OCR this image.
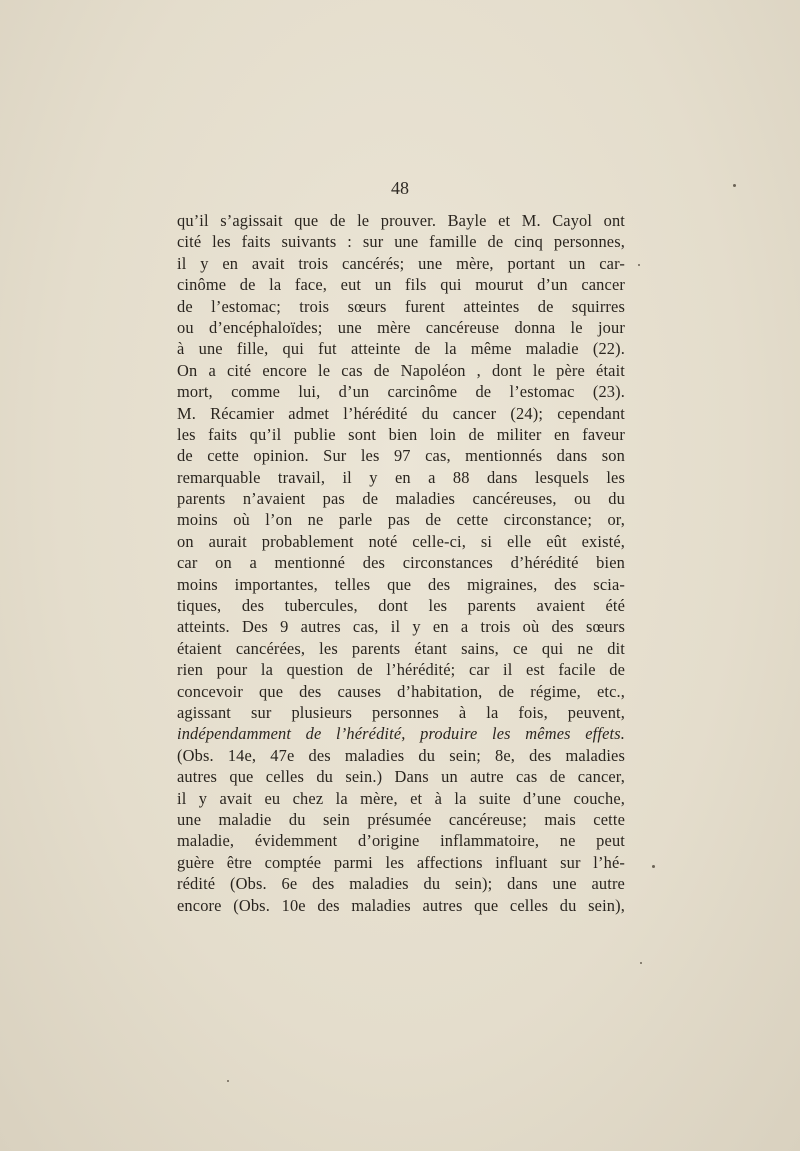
48
qu’il s’agissait que de le prouver. Bayle et M. Cayol ont
cité les faits suivants : sur une famille de cinq personnes,
il y en avait trois cancérés; une mère, portant un car-
cinôme de la face, eut un fils qui mourut d’un cancer
de l’estomac; trois sœurs furent atteintes de squirres
ou d’encéphaloïdes; une mère cancéreuse donna le jour
à une fille, qui fut atteinte de la même maladie (22).
On a cité encore le cas de Napoléon , dont le père était
mort, comme lui, d’un carcinôme de l’estomac (23).
M. Récamier admet l’hérédité du cancer (24); cependant
les faits qu’il publie sont bien loin de militer en faveur
de cette opinion. Sur les 97 cas, mentionnés dans son
remarquable travail, il y en a 88 dans lesquels les
parents n’avaient pas de maladies cancéreuses, ou du
moins où l’on ne parle pas de cette circonstance; or,
on aurait probablement noté celle-ci, si elle eût existé,
car on a mentionné des circonstances d’hérédité bien
moins importantes, telles que des migraines, des scia-
tiques, des tubercules, dont les parents avaient été
atteints. Des 9 autres cas, il y en a trois où des sœurs
étaient cancérées, les parents étant sains, ce qui ne dit
rien pour la question de l’hérédité; car il est facile de
concevoir que des causes d’habitation, de régime, etc.,
agissant sur plusieurs personnes à la fois, peuvent,
indépendamment de l’hérédité, produire les mêmes effets.
(Obs. 14e, 47e des maladies du sein; 8e, des maladies
autres que celles du sein.) Dans un autre cas de cancer,
il y avait eu chez la mère, et à la suite d’une couche,
une maladie du sein présumée cancéreuse; mais cette
maladie, évidemment d’origine inflammatoire, ne peut
guère être comptée parmi les affections influant sur l’hé-
rédité (Obs. 6e des maladies du sein); dans une autre
encore (Obs. 10e des maladies autres que celles du sein),
